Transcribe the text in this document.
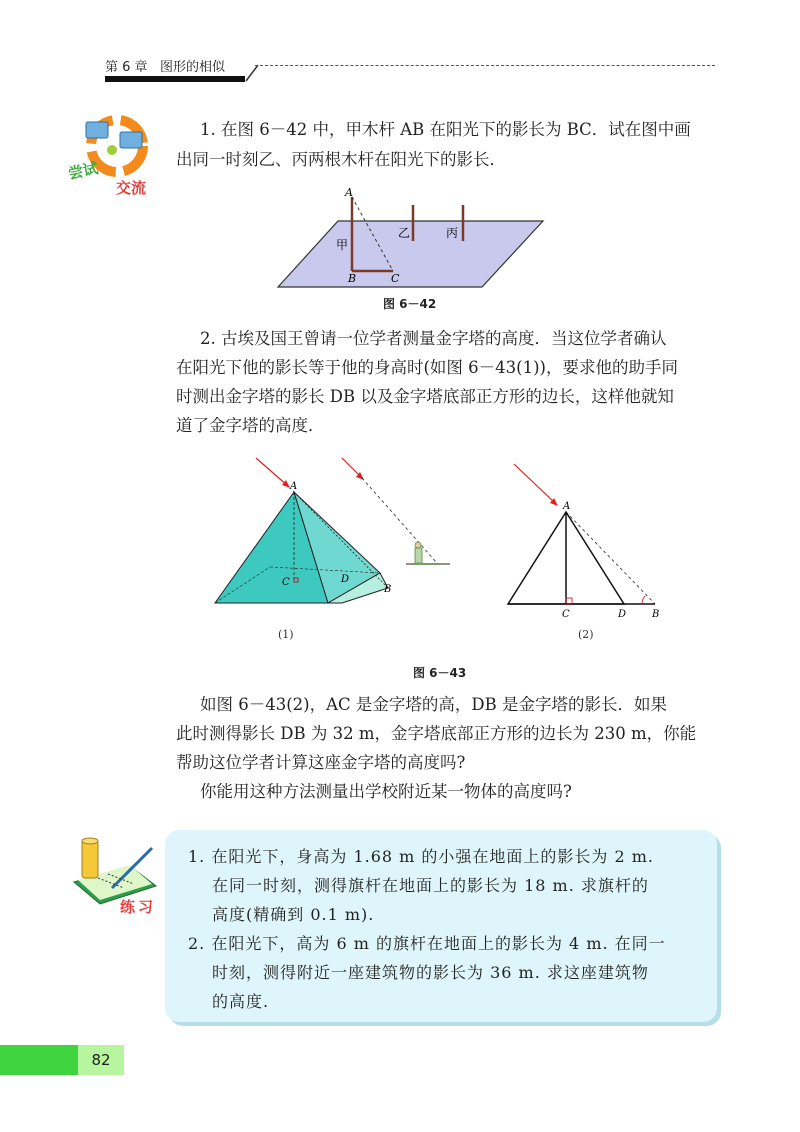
第 6 章 图形的相似
尝试
交流
1. 在图 6－42 中，甲木杆 AB 在阳光下的影长为 BC．试在图中画
出同一时刻乙、丙两根木杆在阳光下的影长．
A
B	C
甲
乙	丙
图 6－42
2. 古埃及国王曾请一位学者测量金字塔的高度．当这位学者确认
在阳光下他的影长等于他的身高时(如图 6－43(1))，要求他的助手同
时测出金字塔的影长 DB 以及金字塔底部正方形的边长，这样他就知
道了金字塔的高度．
A
C	D
B
(1)
A
C	D	B
(2)
图 6－43
如图 6－43(2)，AC 是金字塔的高，DB 是金字塔的影长．如果
此时测得影长 DB 为 32 m，金字塔底部正方形的边长为 230 m，你能
帮助这位学者计算这座金字塔的高度吗?
你能用这种方法测量出学校附近某一物体的高度吗?
练习
1. 在阳光下，身高为 1.68 m 的小强在地面上的影长为 2 m.
在同一时刻，测得旗杆在地面上的影长为 18 m. 求旗杆的
高度(精确到 0.1 m).
2. 在阳光下，高为 6 m 的旗杆在地面上的影长为 4 m. 在同一
时刻，测得附近一座建筑物的影长为 36 m. 求这座建筑物
的高度.
82
